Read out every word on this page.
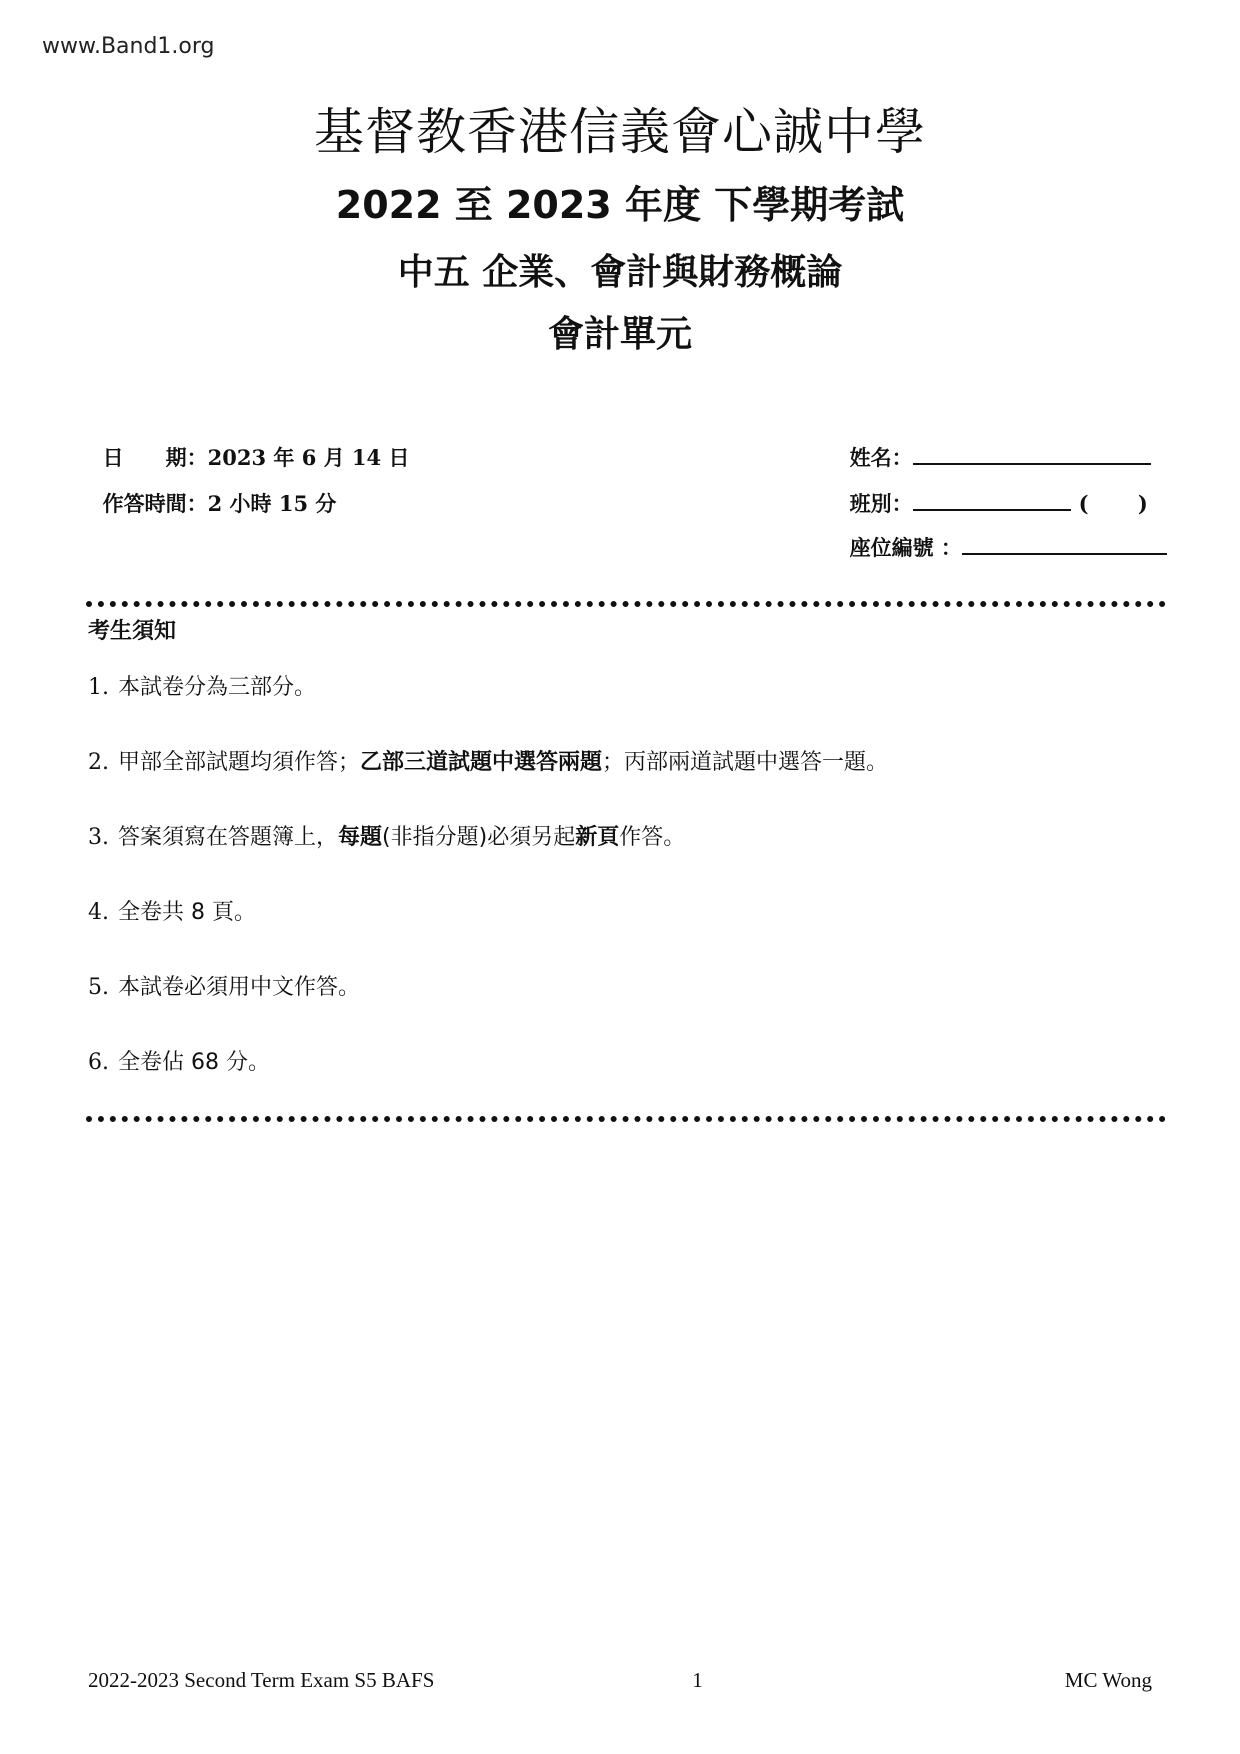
www.Band1.org
基督教香港信義會心誠中學
2022 至 2023 年度 下學期考試
中五 企業、會計與財務概論
會計單元

日　　期：2023 年 6 月 14 日

作答時間：2 小時 15 分

姓名：

班別：	(　　 )

座位編號 ：

考生須知
1. 本試卷分為三部分。
2. 甲部全部試題均須作答；乙部三道試題中選答兩題；丙部兩道試題中選答一題。
3. 答案須寫在答題簿上，每題(非指分題)必須另起新頁作答。
4. 全卷共 8 頁。
5. 本試卷必須用中文作答。
6. 全卷佔 68 分。
2022-2023 Second Term Exam S5 BAFS	1	MC Wong
